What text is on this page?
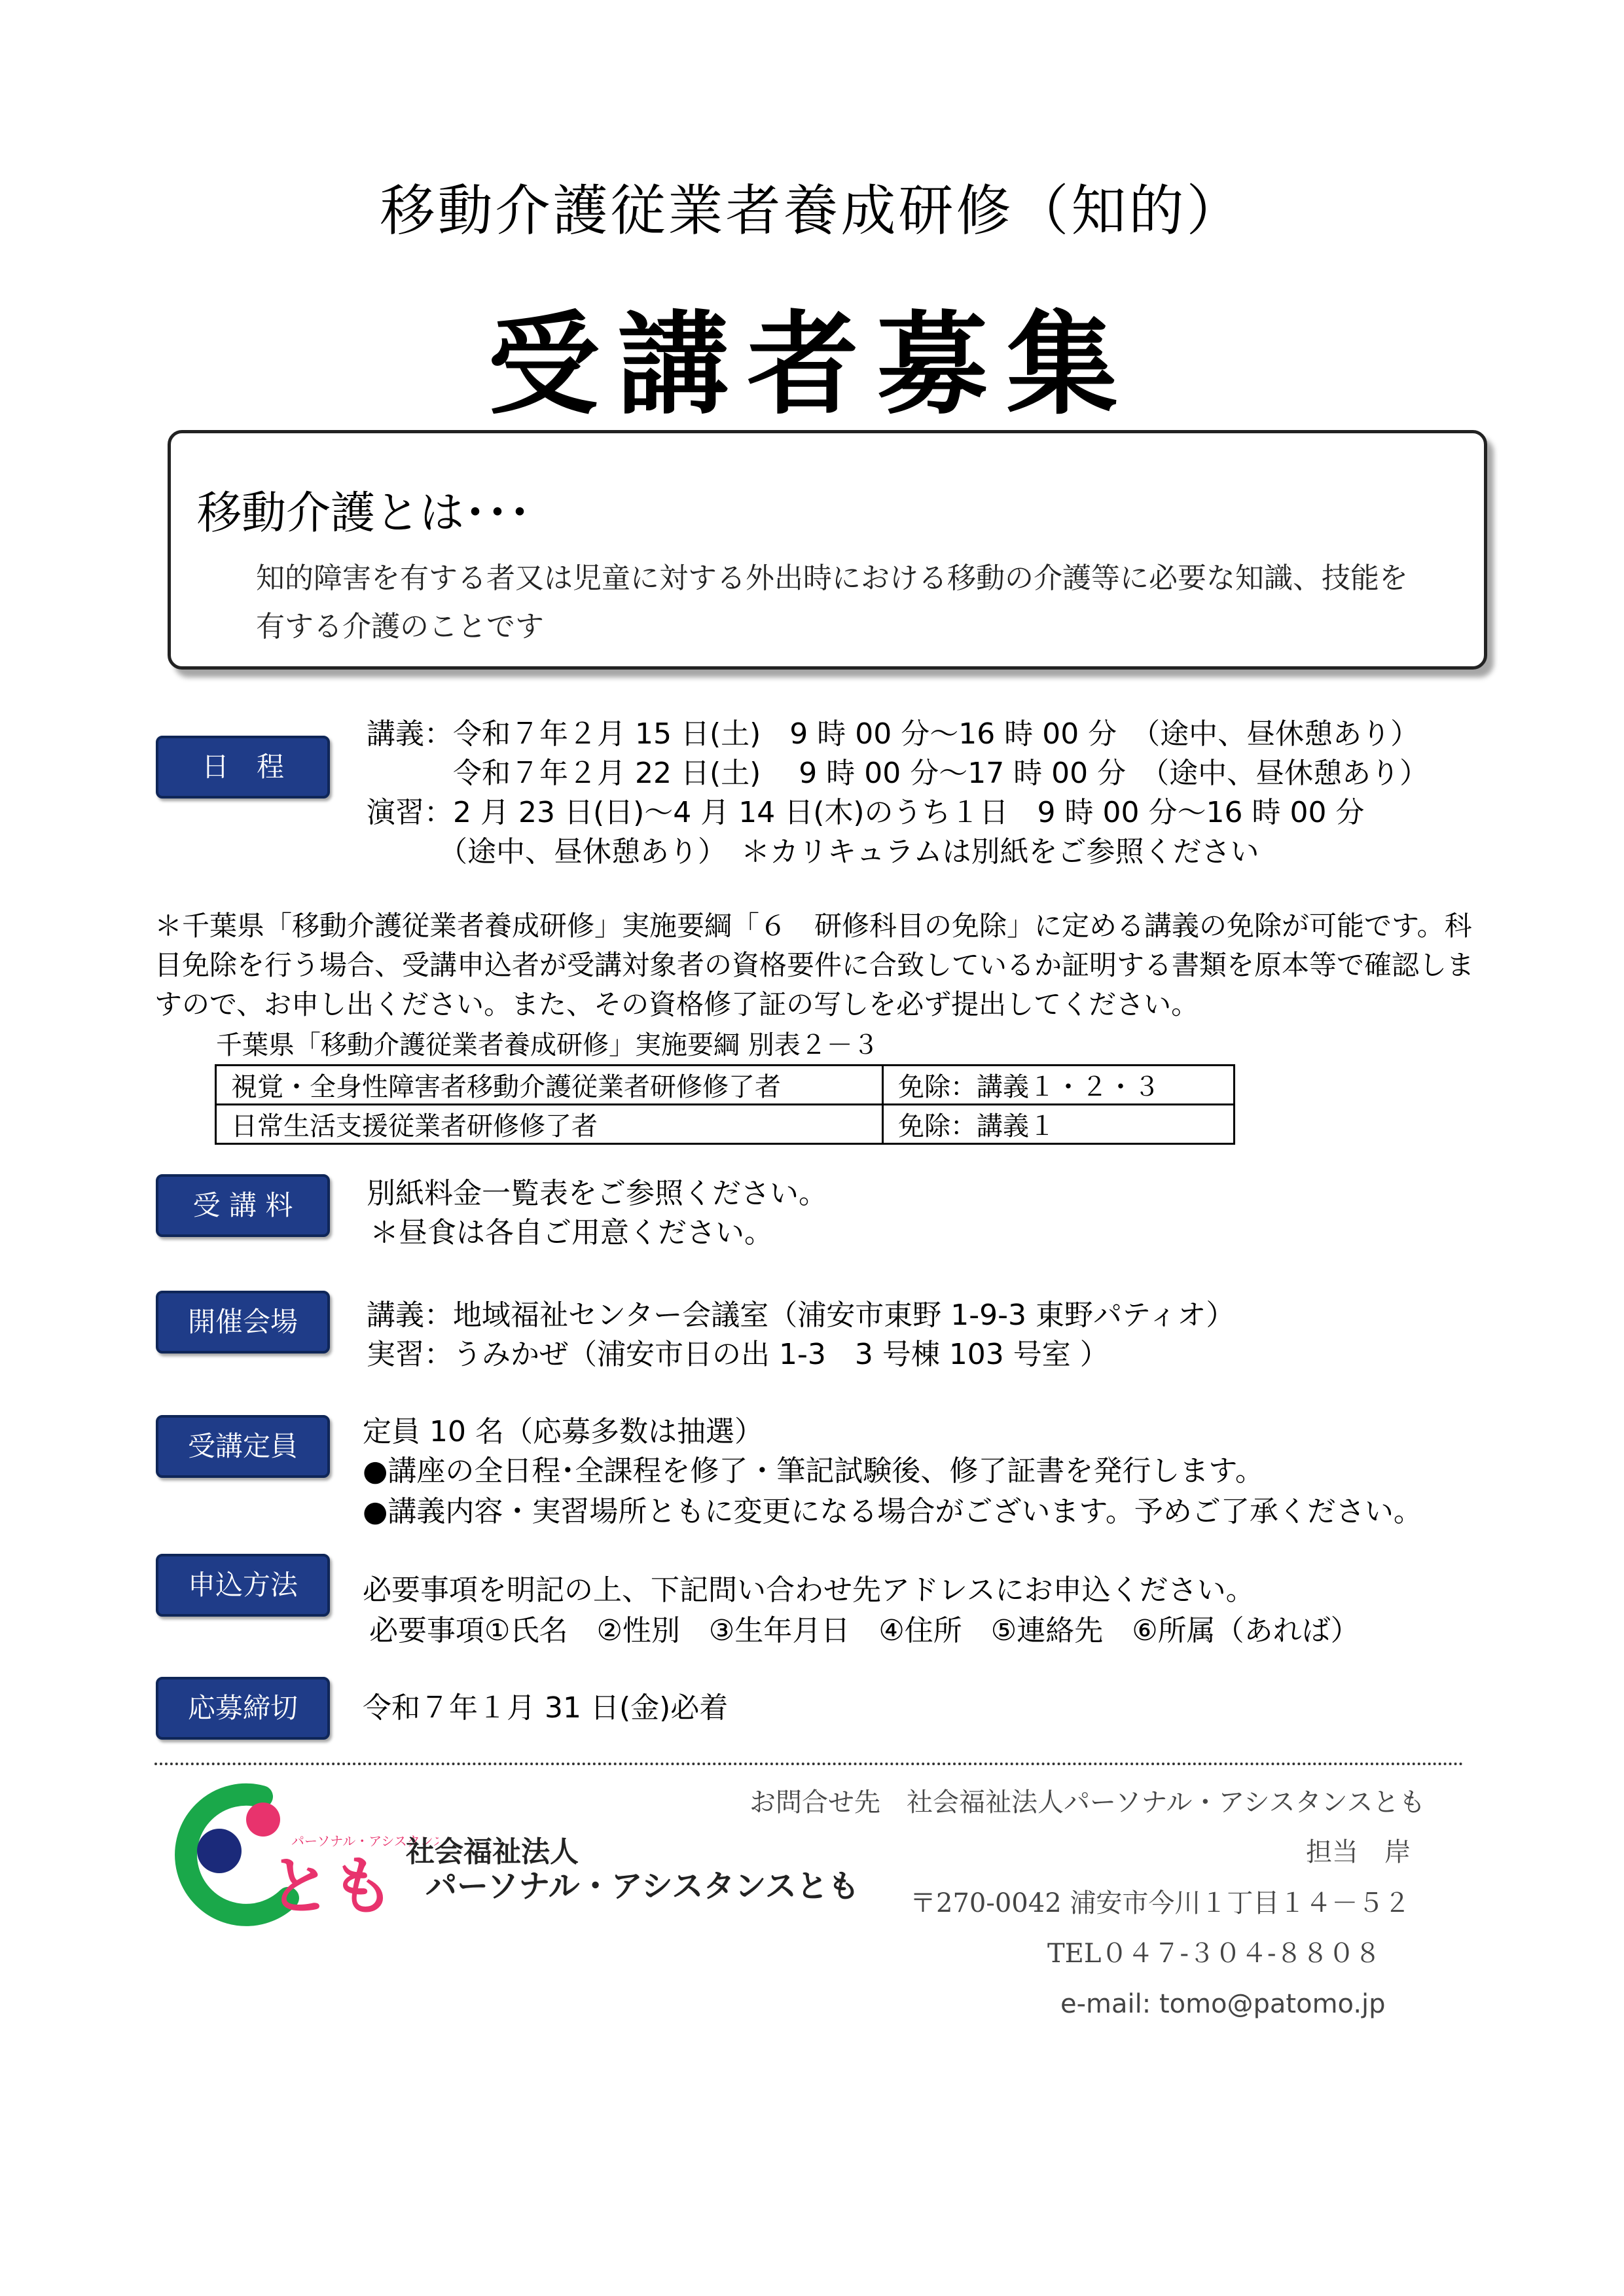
移動介護従業者養成研修（知的）
受講者募集
移動介護とは･･･
知的障害を有する者又は児童に対する外出時における移動の介護等に必要な知識、技能を有する介護のことです
日　程
講義：令和７年２月 15 日(土)　9 時 00 分～16 時 00 分　（途中、昼休憩あり）
　　　令和７年２月 22 日(土)　 9 時 00 分～17 時 00 分　（途中、昼休憩あり）
演習：2 月 23 日(日)～4 月 14 日(木)のうち１日　9 時 00 分～16 時 00 分
　　　（途中、昼休憩あり）　＊カリキュラムは別紙をご参照ください
＊千葉県「移動介護従業者養成研修」実施要綱「６　研修科目の免除」に定める講義の免除が可能です。科目免除を行う場合、受講申込者が受講対象者の資格要件に合致しているか証明する書類を原本等で確認しますので、お申し出ください。また、その資格修了証の写しを必ず提出してください。
千葉県「移動介護従業者養成研修」実施要綱 別表２－３
視覚・全身性障害者移動介護従業者研修修了者	免除：講義１・２・３
日常生活支援従業者研修修了者	免除：講義１
受 講 料	別紙料金一覧表をご参照ください。
＊昼食は各自ご用意ください。
開催会場	講義：地域福祉センター会議室（浦安市東野 1-9-3 東野パティオ）
実習：うみかぜ（浦安市日の出 1-3　3 号棟 103 号室 ）
受講定員	定員 10 名（応募多数は抽選）
●講座の全日程･全課程を修了・筆記試験後、修了証書を発行します。
●講義内容・実習場所ともに変更になる場合がございます。予めご了承ください。
申込方法	必要事項を明記の上、下記問い合わせ先アドレスにお申込ください。
必要事項①氏名　②性別　③生年月日　④住所　⑤連絡先　⑥所属（あれば）
応募締切	令和７年１月 31 日(金)必着
パーソナル・アシスタンス
とも 社会福祉法人
パーソナル・アシスタンスとも
お問合せ先　社会福祉法人パーソナル・アシスタンスとも
担当　岸
〒270-0042 浦安市今川１丁目１４－５２
TEL０４７-３０４-８８０８
e-mail: tomo@patomo.jp
